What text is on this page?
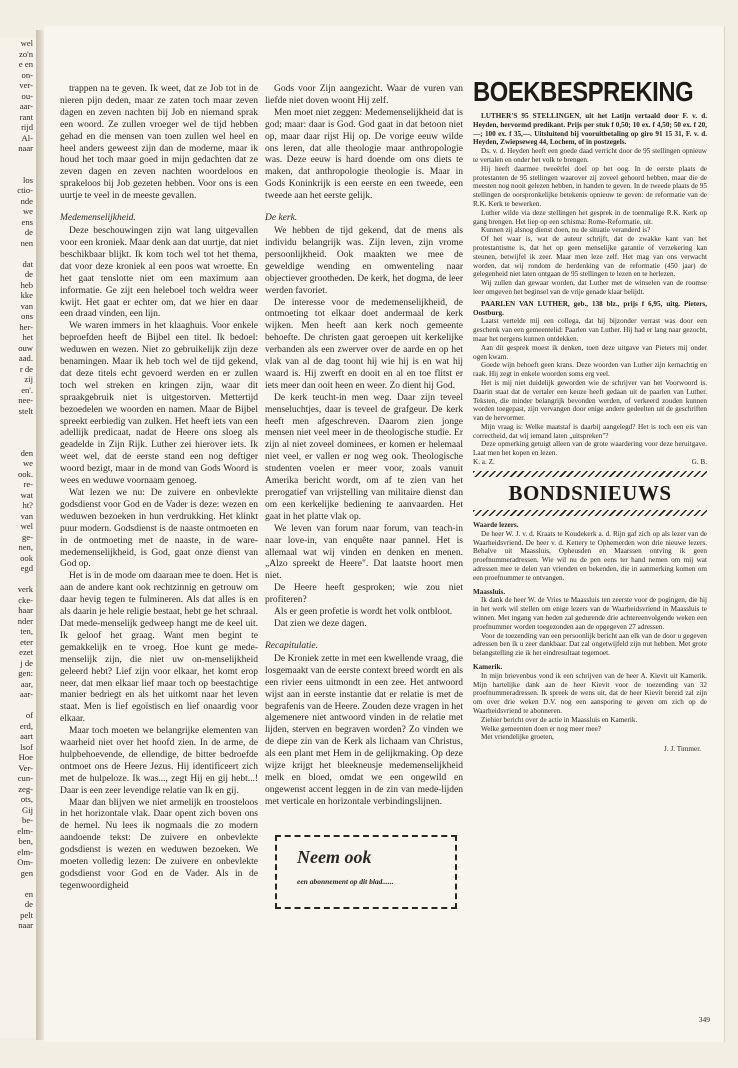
wel
zo'n
e en
on-
ver-
ou-
aar-
rant
rijd
Al-
naar

los
ctio-
nde
we
ens
de
nen

dat
de
heb
kke
van
ons
her-
het
ouw
aad.
r de
zij
en'.
nee-
stelt

den
we
ook.
re-
wat
ht?
van
wel
ge-
nen,
ook
egd

verk
cke-
haar
nder
ten,
eter
ezet
j de
gen:
aar,
aar-

of
erd,
aart
lsof
Hoe
Ver-
cun-
zeg-
ots,
Gij
be-
elm-
ben,
elm-
Om-
gen

en
de
pelt
naar

trappen na te geven. Ik weet, dat ze Job tot in de nieren pijn deden, maar ze zaten toch maar zeven dagen en zeven nachten bij Job en niemand sprak een woord. Ze zullen vroeger wel de tijd hebben gehad en die mensen van toen zullen wel heel en heel anders geweest zijn dan de moderne, maar ik houd het toch maar goed in mijn gedachten dat ze zeven dagen en zeven nachten woordeloos en sprakeloos bij Job gezeten hebben. Voor ons is een uurtje te veel in de meeste gevallen.

Medemenselijkheid.

Deze beschouwingen zijn wat lang uitgevallen voor een kroniek. Maar denk aan dat uurtje, dat niet beschikbaar blijkt. Ik kom toch wel tot het thema, dat voor deze kroniek al een poos wat wroette. En het gaat tenslotte niet om een maximum aan informatie. Ge zijt een heleboel toch weldra weer kwijt. Het gaat er echter om, dat we hier en daar een draad vinden, een lijn.

We waren immers in het klaaghuis. Voor enkele beproefden heeft de Bijbel een titel. Ik bedoel: weduwen en wezen. Niet zo gebruikelijk zijn deze benamingen. Maar ik heb toch wel de tijd gekend, dat deze titels echt gevoerd werden en er zullen toch wel streken en kringen zijn, waar dit spraakgebruik niet is uitgestorven. Mettertijd bezoedelen we woorden en namen. Maar de Bijbel spreekt eerbiedig van zulken. Het heeft iets van een adellijk predicaat, nadat de Heere ons sloeg als geadelde in Zijn Rijk. Luther zei hierover iets. Ik weet wel, dat de eerste stand een nog deftiger woord bezigt, maar in de mond van Gods Woord is wees en weduwe voornaam genoeg.

Wat lezen we nu: De zuivere en onbevlekte godsdienst voor God en de Vader is deze: wezen en weduwen bezoeken in hun verdrukking. Het klinkt puur modern. Godsdienst is de naaste ontmoeten en in de ontmoeting met de naaste, in de ware-medemenselijkheid, is God, gaat onze dienst van God op.

Het is in de mode om daaraan mee te doen. Het is aan de andere kant ook rechtzinnig en getrouw om daar hevig tegen te fulmineren. Als dat alles is en als daarin je hele religie bestaat, hebt ge het schraal. Dat mede-menselijk gedweep hangt me de keel uit. Ik geloof het graag. Want men begint te gemakkelijk en te vroeg. Hoe kunt ge mede-menselijk zijn, die niet uw on-menselijkheid geleerd hebt? Lief zijn voor elkaar, het komt erop neer, dat men elkaar lief maar toch op beestachtige manier bedriegt en als het uitkomt naar het leven staat. Men is lief egoïstisch en lief onaardig voor elkaar.

Maar toch moeten we belangrijke elementen van waarheid niet over het hoofd zien. In de arme, de hulpbehoevende, de ellendige, de bitter bedroefde ontmoet ons de Heere Jezus. Hij identificeert zich met de hulpeloze. Ik was..., zegt Hij en gij hebt...! Daar is een zeer levendige relatie van Ik en gij.

Maar dan blijven we niet armelijk en troosteloos in het horizontale vlak. Daar opent zich boven ons de hemel. Nu lees ik nogmaals die zo modern aandoende tekst: De zuivere en onbevlekte godsdienst is wezen en weduwen bezoeken. We moeten volledig lezen: De zuivere en onbevlekte godsdienst voor God en de Vader. Als in de tegenwoordigheid

Gods voor Zijn aangezicht. Waar de vuren van liefde niet doven woont Hij zelf.

Men moet niet zeggen: Medemenselijkheid dat is god; maar: daar is God. God gaat in dat betoon niet op, maar daar rijst Hij op. De vorige eeuw wilde ons leren, dat alle theologie maar anthropologie was. Deze eeuw is hard doende om ons diets te maken, dat anthropologie theologie is. Maar in Gods Koninkrijk is een eerste en een tweede, een tweede aan het eerste gelijk.

De kerk.

We hebben de tijd gekend, dat de mens als individu belangrijk was. Zijn leven, zijn vrome persoonlijkheid. Ook maakten we mee de geweldige wending en omwenteling naar objectiever grootheden. De kerk, het dogma, de leer werden favoriet.

De interesse voor de medemenselijkheid, de ontmoeting tot elkaar doet andermaal de kerk wijken. Men heeft aan kerk noch gemeente behoefte. De christen gaat geroepen uit kerkelijke verbanden als een zwerver over de aarde en op het vlak van al de dag toont hij wie hij is en wat hij waard is. Hij zwerft en dooit en al en toe flitst er iets meer dan ooit heen en weer. Zo dient hij God.

De kerk teucht-in men weg. Daar zijn teveel menseluchtjes, daar is teveel de grafgeur. De kerk heeft men afgeschreven. Daarom zien jonge mensen niet veel meer in de theologische studie. Er zijn al niet zoveel dominees, er komen er helemaal niet veel, er vallen er nog weg ook. Theologische studenten voelen er meer voor, zoals vanuit Amerika bericht wordt, om af te zien van het prerogatief van vrijstelling van militaire dienst dan om een kerkelijke bediening te aanvaarden. Het gaat in het platte vlak op.

We leven van forum naar forum, van teach-in naar love-in, van enquête naar pannel. Het is allemaal wat wij vinden en denken en menen. „Alzo spreekt de Heere". Dat laatste hoort men niet.

De Heere heeft gesproken; wie zou niet profiteren?

Als er geen profetie is wordt het volk ontbloot.

Dat zien we deze dagen.

Recapitulatie.

De Kroniek zette in met een kwellende vraag, die losgemaakt van de eerste context breed wordt en als een rivier eens uitmondt in een zee. Het antwoord wijst aan in eerste instantie dat er relatie is met de begrafenis van de Heere. Zouden deze vragen in het algemenere niet antwoord vinden in de relatie met lijden, sterven en begraven worden? Zo vinden we de diepe zin van de Kerk als lichaam van Christus, als een plant met Hem in de gelijkmaking. Op deze wijze krijgt het bleekneusje medemenselijkheid melk en bloed, omdat we een ongewild en ongewenst accent leggen in de zin van mede-lijden met verticale en horizontale verbindingslijnen.

Neem ook
een abonnement op dit blad......
BOEKBESPREKING

LUTHER'S 95 STELLINGEN, uit het Latijn vertaald door F. v. d. Heyden, hervormd predikant. Prijs per stuk f 0,50; 10 ex. f 4,50; 50 ex. f 20,—; 100 ex. f 35,—. Uitsluitend bij vooruitbetaling op giro 91 15 31, F. v. d. Heyden, Zwiepseweg 44, Lochem, of in postzegels.

Ds. v. d. Heyden heeft een goede daad verricht door de 95 stellingen opnieuw te vertalen en onder het volk te brengen.

Hij heeft daarmee tweeërlei doel op het oog. In de eerste plaats de protestanten de 95 stellingen waarover zij zoveel gehoord hebben, maar die de meesten nog nooit gelezen hebben, in handen te geven. In de tweede plaats de 95 stellingen de oorspronkelijke betekenis opnieuw te geven: de reformatie van de R.K. Kerk te bewerken.

Luther wilde via deze stellingen het gesprek in de toenmalige R.K. Kerk op gang brengen. Het liep op een schisma: Rome-Reformatie, uit.

Kunnen zij alsnog dienst doen, nu de situatie veranderd is?

Of het waar is, wat de auteur schrijft, dat de zwakke kant van het protestantisme is, dat het op geen menselijke garantie of verzekering kan steunen, betwijfel ik zeer. Maar men leze zelf. Het mag van ons verwacht worden, dat wij rondom de herdenking van de reformatie (450 jaar) de gelegenheid niet laten ontgaan de 95 stellingen te lezen en te herlezen.

Wij zullen dan gewaar worden, dat Luther met de winselen van de roomse leer omgeven het beginsel van de vrije genade klaar belijdt.

PAARLEN VAN LUTHER, geb., 138 blz., prijs f 6,95, uitg. Pieters, Oostburg.

Laatst vertelde mij een collega, dat hij bijzonder verrast was door een geschenk van een gemeentelid: Paarlen van Luther. Hij had er lang naar gezocht, maar het nergens kunnen ontdekken.

Aan dit gesprek moest ik denken, toen deze uitgave van Pieters mij onder ogen kwam.

Goede wijn behoeft geen krans. Deze woorden van Luther zijn kernachtig en raak. Hij zegt in enkele woorden soms erg veel.

Het is mij niet duidelijk geworden wie de schrijver van het Voorwoord is. Daarin staat dat de vertaler een keuze heeft gedaan uit de paarlen van Luther. Teksten, die minder belangrijk bevonden werden, of verkeerd zouden kunnen worden toegepast, zijn vervangen door enige andere gedeelten uit de geschriften van de hervormer.

Mijn vraag is: Welke maatstaf is daarbij aangelegd? Het is toch een eis van correctheid, dat wij iemand laten „uitspreken"?

Deze opmerking getuigt alleen van de grote waardering voor deze heruitgave. Laat men het kopen en lezen.

K. a. Z.	G. B.
BONDSNIEUWS

Waarde lezers.

De heer W. J. v. d. Kraats te Koudekerk a. d. Rijn gaf zich op als lezer van de Waarheidsvriend. De heer v. d. Kettery te Ophemerden won drie nieuwe lezers. Behalve uit Maassluis, Opheusden en Maarssen ontving ik geen proefnummeradressen. Wie wil nu de pen eens ter hand nemen om mij wat adressen mee te delen van vrienden en bekenden, die in aanmerking komen om een proefnummer te ontvangen.

Maassluis.

Ik dank de heer W. de Vries te Maassluis ten zeerste voor de pogingen, die hij in het werk wil stellen om enige lezers van de Waarheidsvriend in Maassluis te winnen. Met ingang van heden zal gedurende drie achtereenvolgende weken een proefnummer worden toegezonden aan de opgegeven 27 adressen.

Voor de toezending van een persoonlijk bericht aan elk van de door u gegeven adressen ben ik u zeer dankbaar. Dat zal ongetwijfeld zijn nut hebben. Met grote belangstelling zie ik het eindresultaat tegemoet.

Kamerik.

In mijn brievenbus vond ik een schrijven van de heer A. Kievit uit Kamerik. Mijn hartelijke dank aan de heer Kievit voor de toezending van 32 proefnummeradressen. Ik spreek de wens uit, dat de heer Kievit bereid zal zijn om over drie weken D.V. nog een aansporing te geven om zich op de Waarheidsvriend te abonneren.

Ziehier bericht over de actie in Maassluis en Kamerik.

Welke gemeenten doen er nog meer mee?

Met vriendelijke groeten,

J. J. Timmer.
349
